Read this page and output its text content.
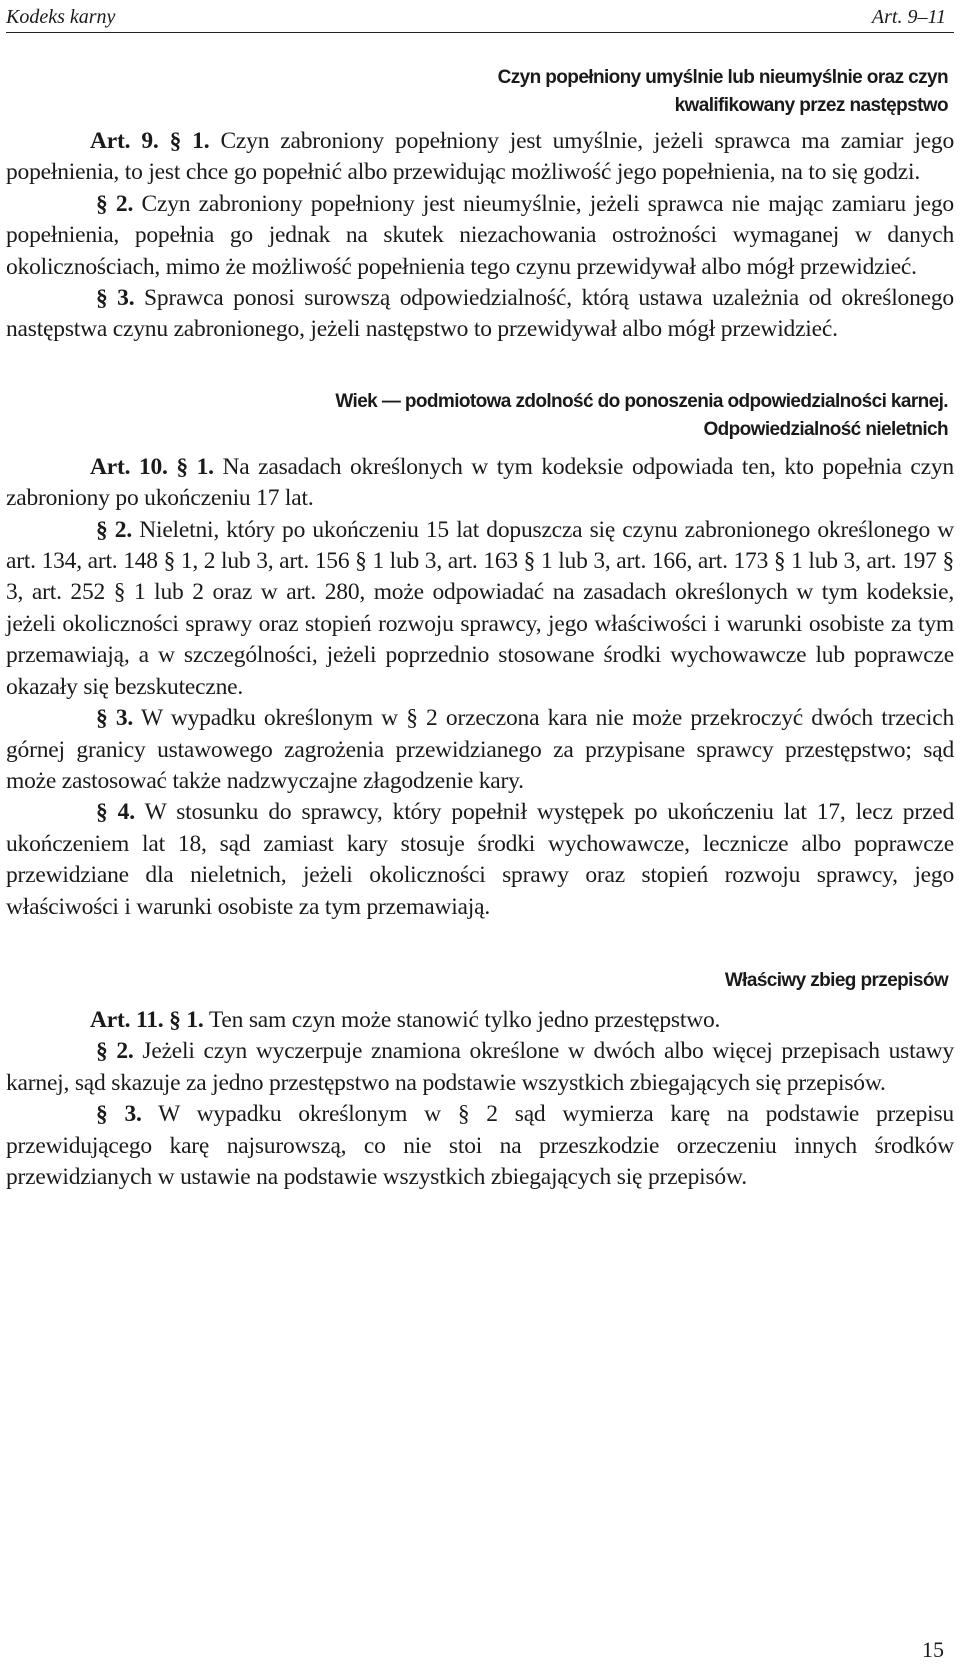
Kodeks karny	Art. 9–11
Czyn popełniony umyślnie lub nieumyślnie oraz czyn
kwalifikowany przez następstwo

Art. 9. § 1. Czyn zabroniony popełniony jest umyślnie, jeżeli sprawca ma zamiar jego popełnienia, to jest chce go popełnić albo przewidując możliwość jego popełnienia, na to się godzi.

§ 2. Czyn zabroniony popełniony jest nieumyślnie, jeżeli sprawca nie mając zamiaru jego popełnienia, popełnia go jednak na skutek niezachowania ostrożności wymaganej w danych okolicznościach, mimo że możliwość popełnienia tego czynu przewidywał albo mógł przewidzieć.

§ 3. Sprawca ponosi surowszą odpowiedzialność, którą ustawa uzależnia od określonego następstwa czynu zabronionego, jeżeli następstwo to przewidywał albo mógł przewidzieć.

Wiek — podmiotowa zdolność do ponoszenia odpowiedzialności karnej.
Odpowiedzialność nieletnich

Art. 10. § 1. Na zasadach określonych w tym kodeksie odpowiada ten, kto popełnia czyn zabroniony po ukończeniu 17 lat.

§ 2. Nieletni, który po ukończeniu 15 lat dopuszcza się czynu zabronionego określonego w art. 134, art. 148 § 1, 2 lub 3, art. 156 § 1 lub 3, art. 163 § 1 lub 3, art. 166, art. 173 § 1 lub 3, art. 197 § 3, art. 252 § 1 lub 2 oraz w art. 280, może odpowiadać na zasadach określonych w tym kodeksie, jeżeli okoliczności sprawy oraz stopień rozwoju sprawcy, jego właściwości i warunki osobiste za tym przemawiają, a w szczególności, jeżeli poprzednio stosowane środki wychowawcze lub poprawcze okazały się bezskuteczne.

§ 3. W wypadku określonym w § 2 orzeczona kara nie może przekroczyć dwóch trzecich górnej granicy ustawowego zagrożenia przewidzianego za przypisane sprawcy przestępstwo; sąd może zastosować także nadzwyczajne złagodzenie kary.

§ 4. W stosunku do sprawcy, który popełnił występek po ukończeniu lat 17, lecz przed ukończeniem lat 18, sąd zamiast kary stosuje środki wychowawcze, lecznicze albo poprawcze przewidziane dla nieletnich, jeżeli okoliczności sprawy oraz stopień rozwoju sprawcy, jego właściwości i warunki osobiste za tym przemawiają.

Właściwy zbieg przepisów

Art. 11. § 1. Ten sam czyn może stanowić tylko jedno przestępstwo.

§ 2. Jeżeli czyn wyczerpuje znamiona określone w dwóch albo więcej przepisach ustawy karnej, sąd skazuje za jedno przestępstwo na podstawie wszystkich zbiegających się przepisów.

§ 3. W wypadku określonym w § 2 sąd wymierza karę na podstawie przepisu przewidującego karę najsurowszą, co nie stoi na przeszkodzie orzeczeniu innych środków przewidzianych w ustawie na podstawie wszystkich zbiegających się przepisów.

15
